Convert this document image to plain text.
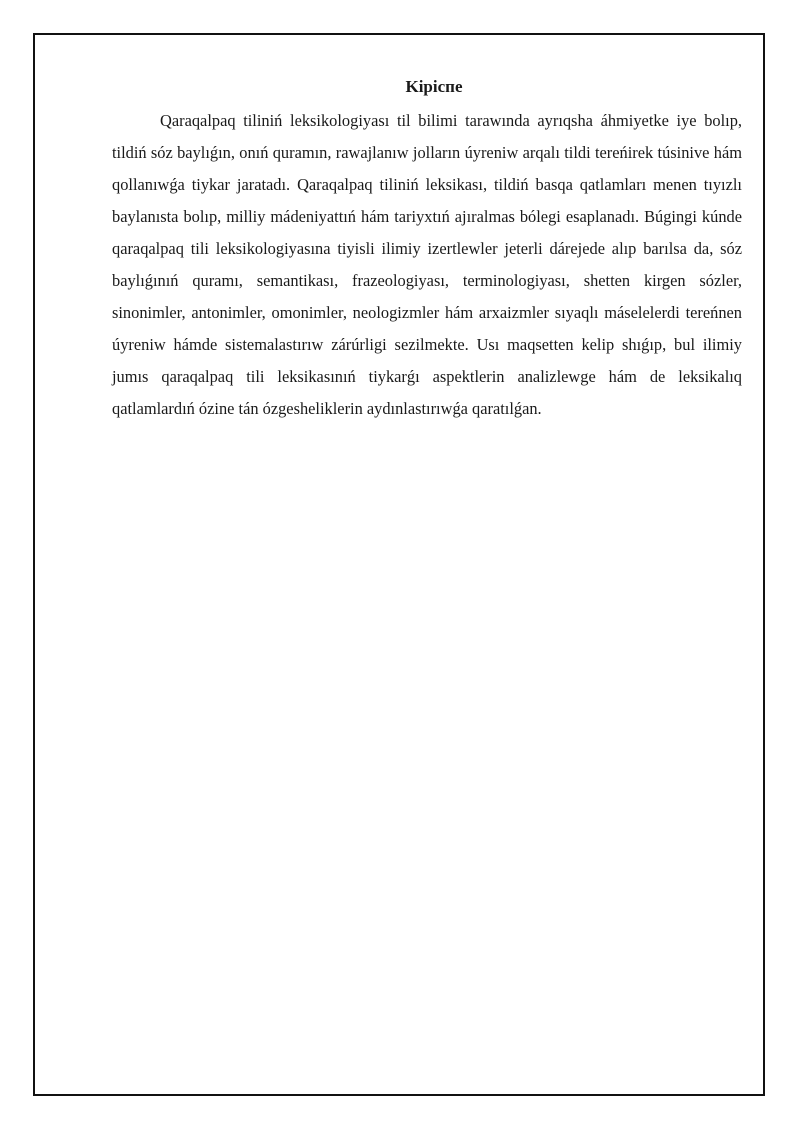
Kipicпe

Qaraqalpaq tiliniń leksikologiyası til bilimi tarawında ayrıqsha áhmiyetke iye bolıp, tildiń sóz baylıǵın, onıń quramın, rawajlanıw jolların úyreniw arqalı tildi tereńirek túsinive hám qollanıwǵa tiykar jaratadı. Qaraqalpaq tiliniń leksikası, tildiń basqa qatlamları menen tıyızlı baylanısta bolıp, milliy mádeniyattıń hám tariyxtıń ajıralmas bólegi esaplanadı. Búgingi kúnde qaraqalpaq tili leksikologiyasına tiyisli ilimiy izertlewler jeterli dárejede alıp barılsa da, sóz baylıǵınıń quramı, semantikası, frazeologiyası, terminologiyası, shetten kirgen sózler, sinonimler, antonimler, omonimler, neologizmler hám arxaizmler sıyaqlı máselelerdi tereńnen úyreniw hámde sistemalastırıw zárúrligi sezilmekte. Usı maqsetten kelip shıǵıp, bul ilimiy jumıs qaraqalpaq tili leksikasınıń tiykarǵı aspektlerin analizlewge hám de leksikalıq qatlamlardıń ózine tán ózgesheliklerin aydınlastırıwǵa qaratılǵan.
